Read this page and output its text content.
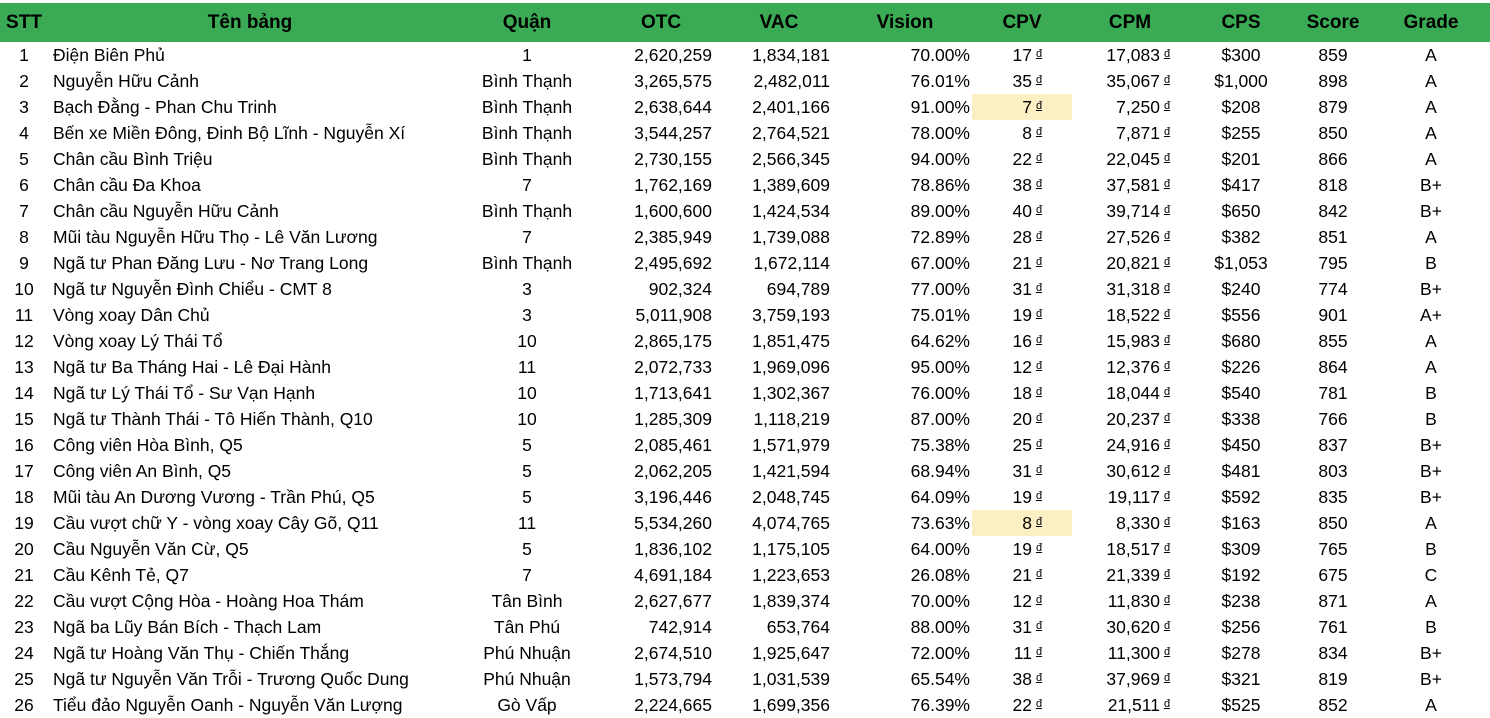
STT	Tên bảng	Quận	OTC	VAC	Vision	CPV	CPM	CPS	Score	Grade
1	Điện Biên Phủ	1	2,620,259	1,834,181	70.00%	17 $^đ$	17,083 $^đ$	$300	859	A
2	Nguyễn Hữu Cảnh	Bình Thạnh	3,265,575	2,482,011	76.01%	35 $^đ$	35,067 $^đ$	$1,000	898	A
3	Bạch Đằng - Phan Chu Trinh	Bình Thạnh	2,638,644	2,401,166	91.00%	7 $^đ$	7,250 $^đ$	$208	879	A
4	Bến xe Miền Đông, Đinh Bộ Lĩnh - Nguyễn Xí	Bình Thạnh	3,544,257	2,764,521	78.00%	8 $^đ$	7,871 $^đ$	$255	850	A
5	Chân cầu Bình Triệu	Bình Thạnh	2,730,155	2,566,345	94.00%	22 $^đ$	22,045 $^đ$	$201	866	A
6	Chân cầu Đa Khoa	7	1,762,169	1,389,609	78.86%	38 $^đ$	37,581 $^đ$	$417	818	B+
7	Chân cầu Nguyễn Hữu Cảnh	Bình Thạnh	1,600,600	1,424,534	89.00%	40 $^đ$	39,714 $^đ$	$650	842	B+
8	Mũi tàu Nguyễn Hữu Thọ - Lê Văn Lương	7	2,385,949	1,739,088	72.89%	28 $^đ$	27,526 $^đ$	$382	851	A
9	Ngã tư Phan Đăng Lưu - Nơ Trang Long	Bình Thạnh	2,495,692	1,672,114	67.00%	21 $^đ$	20,821 $^đ$	$1,053	795	B
10	Ngã tư Nguyễn Đình Chiểu - CMT 8	3	902,324	694,789	77.00%	31 $^đ$	31,318 $^đ$	$240	774	B+
11	Vòng xoay Dân Chủ	3	5,011,908	3,759,193	75.01%	19 $^đ$	18,522 $^đ$	$556	901	A+
12	Vòng xoay Lý Thái Tổ	10	2,865,175	1,851,475	64.62%	16 $^đ$	15,983 $^đ$	$680	855	A
13	Ngã tư Ba Tháng Hai - Lê Đại Hành	11	2,072,733	1,969,096	95.00%	12 $^đ$	12,376 $^đ$	$226	864	A
14	Ngã tư Lý Thái Tổ - Sư Vạn Hạnh	10	1,713,641	1,302,367	76.00%	18 $^đ$	18,044 $^đ$	$540	781	B
15	Ngã tư Thành Thái - Tô Hiến Thành, Q10	10	1,285,309	1,118,219	87.00%	20 $^đ$	20,237 $^đ$	$338	766	B
16	Công viên Hòa Bình, Q5	5	2,085,461	1,571,979	75.38%	25 $^đ$	24,916 $^đ$	$450	837	B+
17	Công viên An Bình, Q5	5	2,062,205	1,421,594	68.94%	31 $^đ$	30,612 $^đ$	$481	803	B+
18	Mũi tàu An Dương Vương - Trần Phú, Q5	5	3,196,446	2,048,745	64.09%	19 $^đ$	19,117 $^đ$	$592	835	B+
19	Cầu vượt chữ Y - vòng xoay Cây Gõ, Q11	11	5,534,260	4,074,765	73.63%	8 $^đ$	8,330 $^đ$	$163	850	A
20	Cầu Nguyễn Văn Cừ, Q5	5	1,836,102	1,175,105	64.00%	19 $^đ$	18,517 $^đ$	$309	765	B
21	Cầu Kênh Tẻ, Q7	7	4,691,184	1,223,653	26.08%	21 $^đ$	21,339 $^đ$	$192	675	C
22	Cầu vượt Cộng Hòa - Hoàng Hoa Thám	Tân Bình	2,627,677	1,839,374	70.00%	12 $^đ$	11,830 $^đ$	$238	871	A
23	Ngã ba Lũy Bán Bích - Thạch Lam	Tân Phú	742,914	653,764	88.00%	31 $^đ$	30,620 $^đ$	$256	761	B
24	Ngã tư Hoàng Văn Thụ - Chiến Thắng	Phú Nhuận	2,674,510	1,925,647	72.00%	11 $^đ$	11,300 $^đ$	$278	834	B+
25	Ngã tư Nguyễn Văn Trỗi - Trương Quốc Dung	Phú Nhuận	1,573,794	1,031,539	65.54%	38 $^đ$	37,969 $^đ$	$321	819	B+
26	Tiểu đảo Nguyễn Oanh - Nguyễn Văn Lượng	Gò Vấp	2,224,665	1,699,356	76.39%	22 $^đ$	21,511 $^đ$	$525	852	A
